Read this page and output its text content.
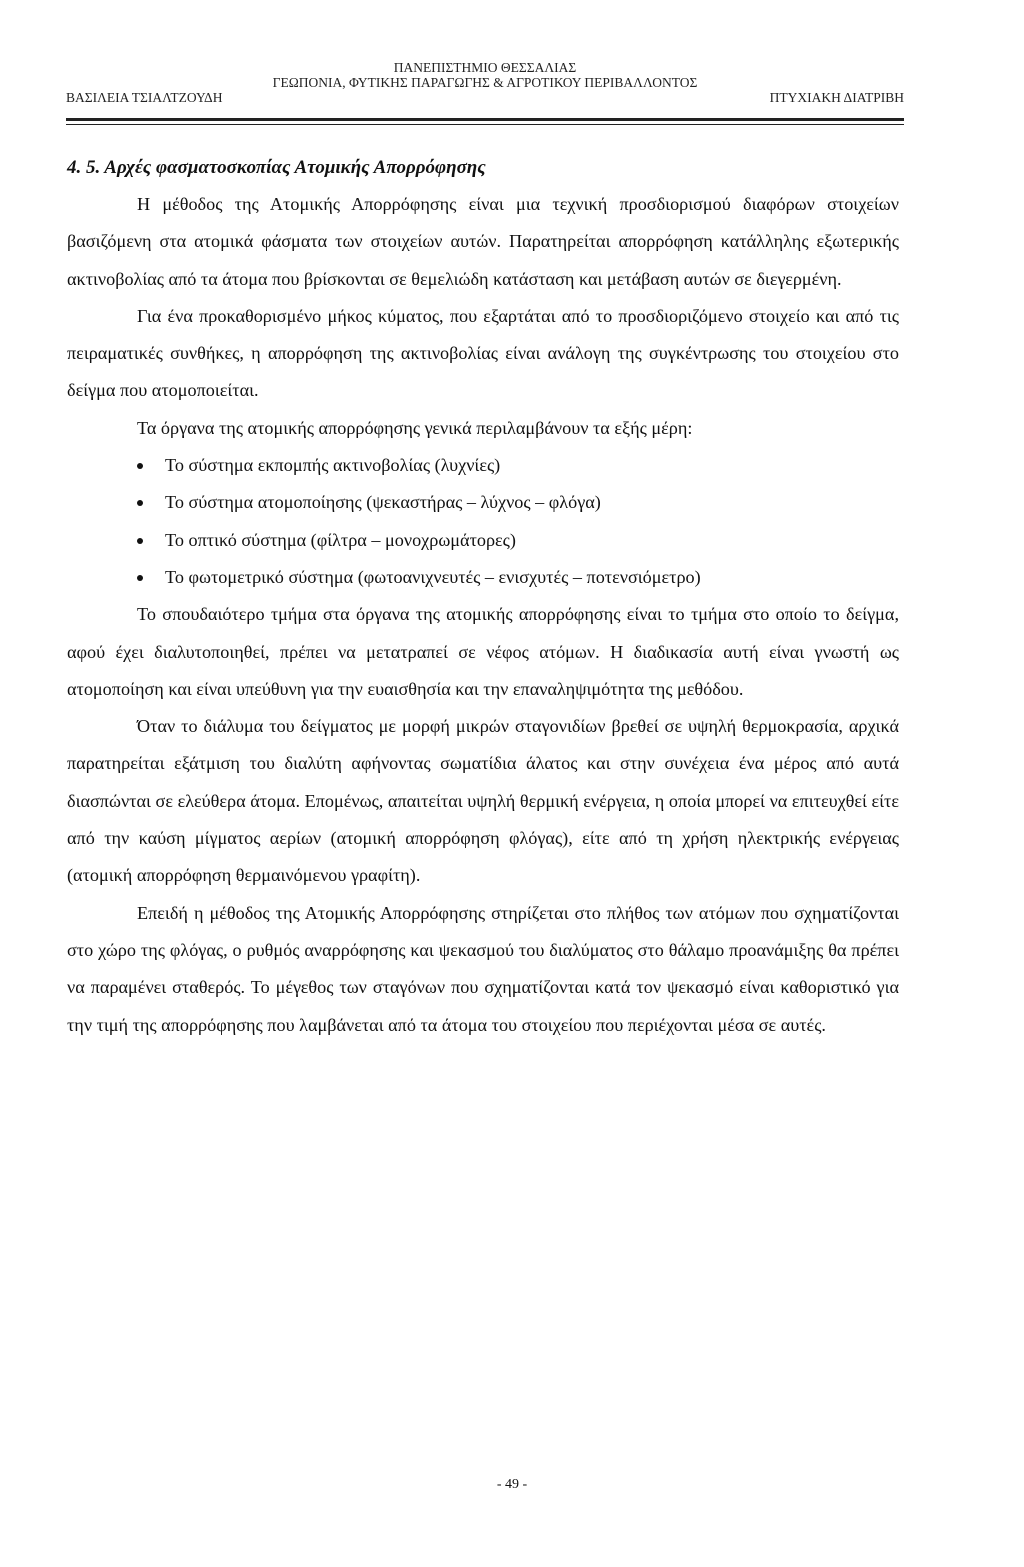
ΠΑΝΕΠΙΣΤΗΜΙΟ ΘΕΣΣΑΛΙΑΣ
ΓΕΩΠΟΝΙΑ, ΦΥΤΙΚΗΣ ΠΑΡΑΓΩΓΗΣ & ΑΓΡΟΤΙΚΟΥ ΠΕΡΙΒΑΛΛΟΝΤΟΣ
ΒΑΣΙΛΕΙΑ ΤΣΙΑΛΤΖΟΥΔΗ	ΠΤΥΧΙΑΚΗ ΔΙΑΤΡΙΒΗ
4. 5. Αρχές φασματοσκοπίας Ατομικής Απορρόφησης

Η μέθοδος της Ατομικής Απορρόφησης είναι μια τεχνική προσδιορισμού διαφόρων στοιχείων βασιζόμενη στα ατομικά φάσματα των στοιχείων αυτών. Παρατηρείται απορρόφηση κατάλληλης εξωτερικής ακτινοβολίας από τα άτομα που βρίσκονται σε θεμελιώδη κατάσταση και μετάβαση αυτών σε διεγερμένη.

Για ένα προκαθορισμένο μήκος κύματος, που εξαρτάται από το προσδιοριζόμενο στοιχείο και από τις πειραματικές συνθήκες, η απορρόφηση της ακτινοβολίας είναι ανάλογη της συγκέντρωσης του στοιχείου στο δείγμα που ατομοποιείται.

Τα όργανα της ατομικής απορρόφησης γενικά περιλαμβάνουν τα εξής μέρη:

Το σύστημα εκπομπής ακτινοβολίας (λυχνίες)
Το σύστημα ατομοποίησης (ψεκαστήρας – λύχνος – φλόγα)
Το οπτικό σύστημα (φίλτρα – μονοχρωμάτορες)
Το φωτομετρικό σύστημα (φωτοανιχνευτές – ενισχυτές – ποτενσιόμετρο)

Το σπουδαιότερο τμήμα στα όργανα της ατομικής απορρόφησης είναι το τμήμα στο οποίο το δείγμα, αφού έχει διαλυτοποιηθεί, πρέπει να μετατραπεί σε νέφος ατόμων. Η διαδικασία αυτή είναι γνωστή ως ατομοποίηση και είναι υπεύθυνη για την ευαισθησία και την επαναληψιμότητα της μεθόδου.

Όταν το διάλυμα του δείγματος με μορφή μικρών σταγονιδίων βρεθεί σε υψηλή θερμοκρασία, αρχικά παρατηρείται εξάτμιση του διαλύτη αφήνοντας σωματίδια άλατος και στην συνέχεια ένα μέρος από αυτά διασπώνται σε ελεύθερα άτομα. Επομένως, απαιτείται υψηλή θερμική ενέργεια, η οποία μπορεί να επιτευχθεί είτε από την καύση μίγματος αερίων (ατομική απορρόφηση φλόγας), είτε από τη χρήση ηλεκτρικής ενέργειας (ατομική απορρόφηση θερμαινόμενου γραφίτη).

Επειδή η μέθοδος της Ατομικής Απορρόφησης στηρίζεται στο πλήθος των ατόμων που σχηματίζονται στο χώρο της φλόγας, ο ρυθμός αναρρόφησης και ψεκασμού του διαλύματος στο θάλαμο προανάμιξης θα πρέπει να παραμένει σταθερός. Το μέγεθος των σταγόνων που σχηματίζονται κατά τον ψεκασμό είναι καθοριστικό για την τιμή της απορρόφησης που λαμβάνεται από τα άτομα του στοιχείου που περιέχονται μέσα σε αυτές.

- 49 -
